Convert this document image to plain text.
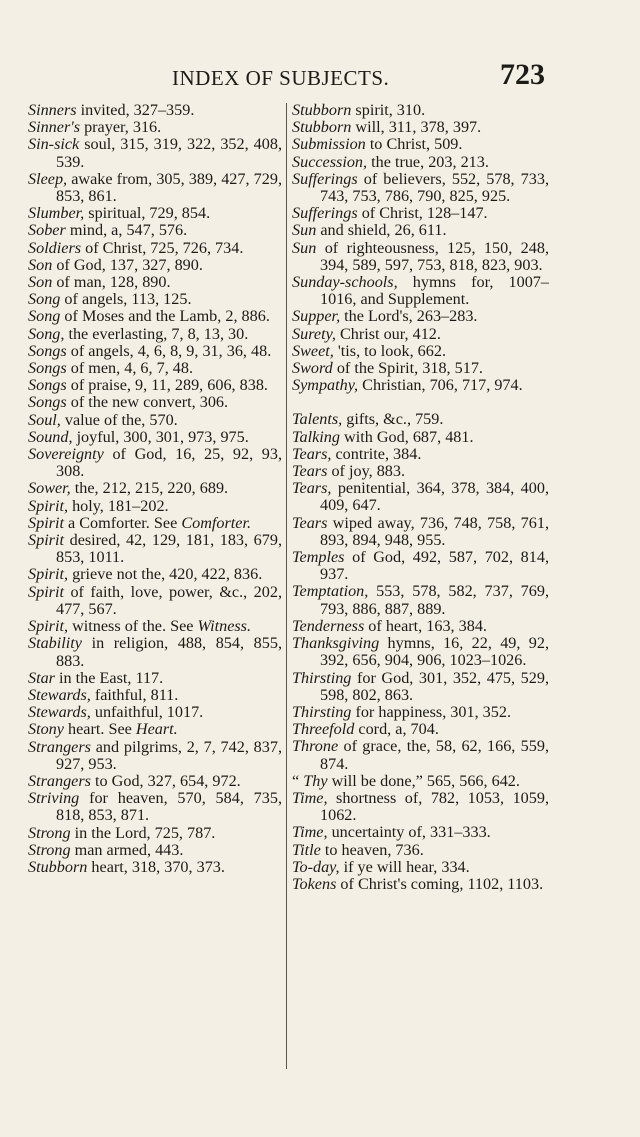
INDEX OF SUBJECTS.	723

Sinners invited, 327–359.

Sinner's prayer, 316.

Sin-sick soul, 315, 319, 322, 352, 408, 539.

Sleep, awake from, 305, 389, 427, 729, 853, 861.

Slumber, spiritual, 729, 854.

Sober mind, a, 547, 576.

Soldiers of Christ, 725, 726, 734.

Son of God, 137, 327, 890.

Son of man, 128, 890.

Song of angels, 113, 125.

Song of Moses and the Lamb, 2, 886.

Song, the everlasting, 7, 8, 13, 30.

Songs of angels, 4, 6, 8, 9, 31, 36, 48.

Songs of men, 4, 6, 7, 48.

Songs of praise, 9, 11, 289, 606, 838.

Songs of the new convert, 306.

Soul, value of the, 570.

Sound, joyful, 300, 301, 973, 975.

Sovereignty of God, 16, 25, 92, 93, 308.

Sower, the, 212, 215, 220, 689.

Spirit, holy, 181–202.

Spirit a Comforter. See Comforter.

Spirit desired, 42, 129, 181, 183, 679, 853, 1011.

Spirit, grieve not the, 420, 422, 836.

Spirit of faith, love, power, &c., 202, 477, 567.

Spirit, witness of the. See Witness.

Stability in religion, 488, 854, 855, 883.

Star in the East, 117.

Stewards, faithful, 811.

Stewards, unfaithful, 1017.

Stony heart. See Heart.

Strangers and pilgrims, 2, 7, 742, 837, 927, 953.

Strangers to God, 327, 654, 972.

Striving for heaven, 570, 584, 735, 818, 853, 871.

Strong in the Lord, 725, 787.

Strong man armed, 443.

Stubborn heart, 318, 370, 373.

Stubborn spirit, 310.

Stubborn will, 311, 378, 397.

Submission to Christ, 509.

Succession, the true, 203, 213.

Sufferings of believers, 552, 578, 733, 743, 753, 786, 790, 825, 925.

Sufferings of Christ, 128–147.

Sun and shield, 26, 611.

Sun of righteousness, 125, 150, 248, 394, 589, 597, 753, 818, 823, 903.

Sunday-schools, hymns for, 1007–1016, and Supplement.

Supper, the Lord's, 263–283.

Surety, Christ our, 412.

Sweet, 'tis, to look, 662.

Sword of the Spirit, 318, 517.

Sympathy, Christian, 706, 717, 974.

Talents, gifts, &c., 759.

Talking with God, 687, 481.

Tears, contrite, 384.

Tears of joy, 883.

Tears, penitential, 364, 378, 384, 400, 409, 647.

Tears wiped away, 736, 748, 758, 761, 893, 894, 948, 955.

Temples of God, 492, 587, 702, 814, 937.

Temptation, 553, 578, 582, 737, 769, 793, 886, 887, 889.

Tenderness of heart, 163, 384.

Thanksgiving hymns, 16, 22, 49, 92, 392, 656, 904, 906, 1023–1026.

Thirsting for God, 301, 352, 475, 529, 598, 802, 863.

Thirsting for happiness, 301, 352.

Threefold cord, a, 704.

Throne of grace, the, 58, 62, 166, 559, 874.

“ Thy will be done,” 565, 566, 642.

Time, shortness of, 782, 1053, 1059, 1062.

Time, uncertainty of, 331–333.

Title to heaven, 736.

To-day, if ye will hear, 334.

Tokens of Christ's coming, 1102, 1103.
